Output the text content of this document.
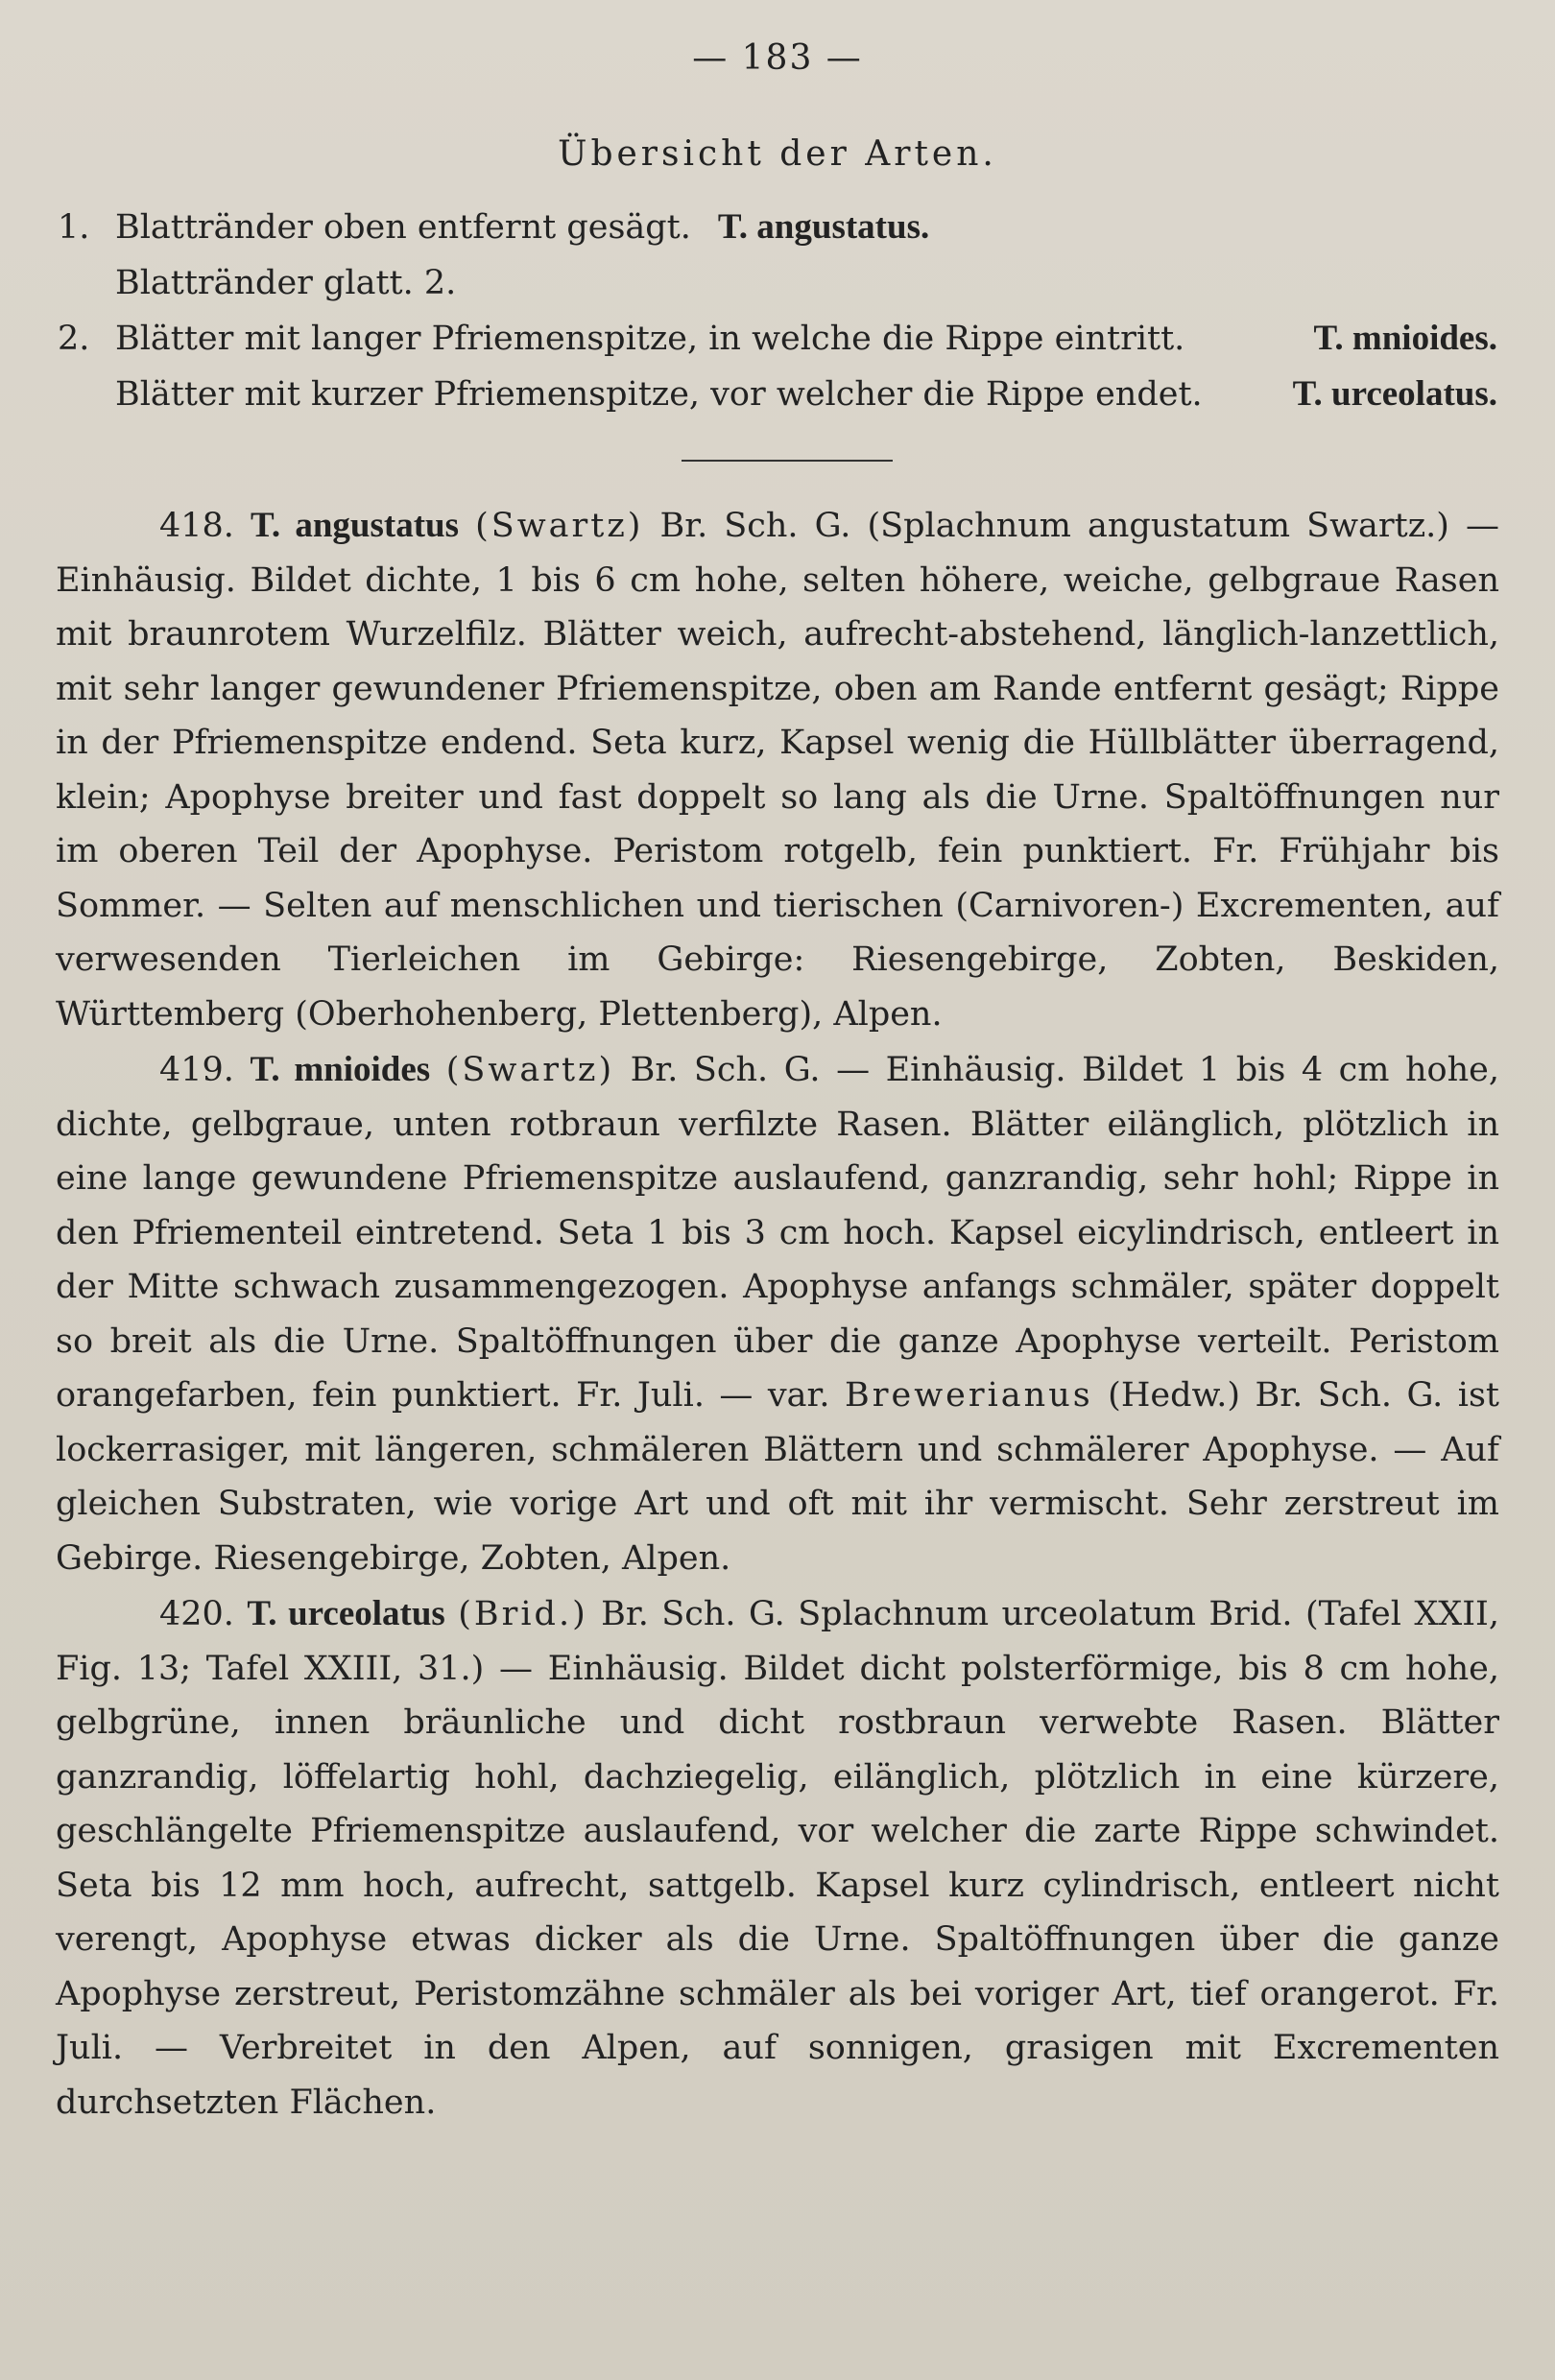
— 183 —
Übersicht der Arten.
1. Blattränder oben entfernt gesägt. T. angustatus.
Blattränder glatt. 2.
2. Blätter mit langer Pfriemenspitze, in welche die Rippe eintritt.	T. mnioides.
Blätter mit kurzer Pfriemenspitze, vor welcher die Rippe endet.	T. urceolatus.

418. T. angustatus (Swartz) Br. Sch. G. (Splachnum angustatum Swartz.) — Einhäusig. Bildet dichte, 1 bis 6 cm hohe, selten höhere, weiche, gelbgraue Rasen mit braunrotem Wurzelfilz. Blätter weich, aufrecht-abstehend, länglich-lanzettlich, mit sehr langer gewundener Pfriemenspitze, oben am Rande entfernt gesägt; Rippe in der Pfriemenspitze endend. Seta kurz, Kapsel wenig die Hüllblätter überragend, klein; Apophyse breiter und fast doppelt so lang als die Urne. Spaltöffnungen nur im oberen Teil der Apophyse. Peristom rotgelb, fein punktiert. Fr. Frühjahr bis Sommer. — Selten auf menschlichen und tierischen (Carnivoren-) Excrementen, auf verwesenden Tierleichen im Gebirge: Riesengebirge, Zobten, Beskiden, Württemberg (Oberhohenberg, Plettenberg), Alpen.

419. T. mnioides (Swartz) Br. Sch. G. — Einhäusig. Bildet 1 bis 4 cm hohe, dichte, gelbgraue, unten rotbraun verfilzte Rasen. Blätter eilänglich, plötzlich in eine lange gewundene Pfriemenspitze auslaufend, ganzrandig, sehr hohl; Rippe in den Pfriementeil eintretend. Seta 1 bis 3 cm hoch. Kapsel eicylindrisch, entleert in der Mitte schwach zusammengezogen. Apophyse anfangs schmäler, später doppelt so breit als die Urne. Spaltöffnungen über die ganze Apophyse verteilt. Peristom orangefarben, fein punktiert. Fr. Juli. — var. Brewerianus (Hedw.) Br. Sch. G. ist lockerrasiger, mit längeren, schmäleren Blättern und schmälerer Apophyse. — Auf gleichen Substraten, wie vorige Art und oft mit ihr vermischt. Sehr zerstreut im Gebirge. Riesengebirge, Zobten, Alpen.

420. T. urceolatus (Brid.) Br. Sch. G. Splachnum urceolatum Brid. (Tafel XXII, Fig. 13; Tafel XXIII, 31.) — Einhäusig. Bildet dicht polsterförmige, bis 8 cm hohe, gelbgrüne, innen bräunliche und dicht rostbraun verwebte Rasen. Blätter ganzrandig, löffelartig hohl, dachziegelig, eilänglich, plötzlich in eine kürzere, geschlängelte Pfriemenspitze auslaufend, vor welcher die zarte Rippe schwindet. Seta bis 12 mm hoch, aufrecht, sattgelb. Kapsel kurz cylindrisch, entleert nicht verengt, Apophyse etwas dicker als die Urne. Spaltöffnungen über die ganze Apophyse zerstreut, Peristomzähne schmäler als bei voriger Art, tief orangerot. Fr. Juli. — Verbreitet in den Alpen, auf sonnigen, grasigen mit Excrementen durchsetzten Flächen.
